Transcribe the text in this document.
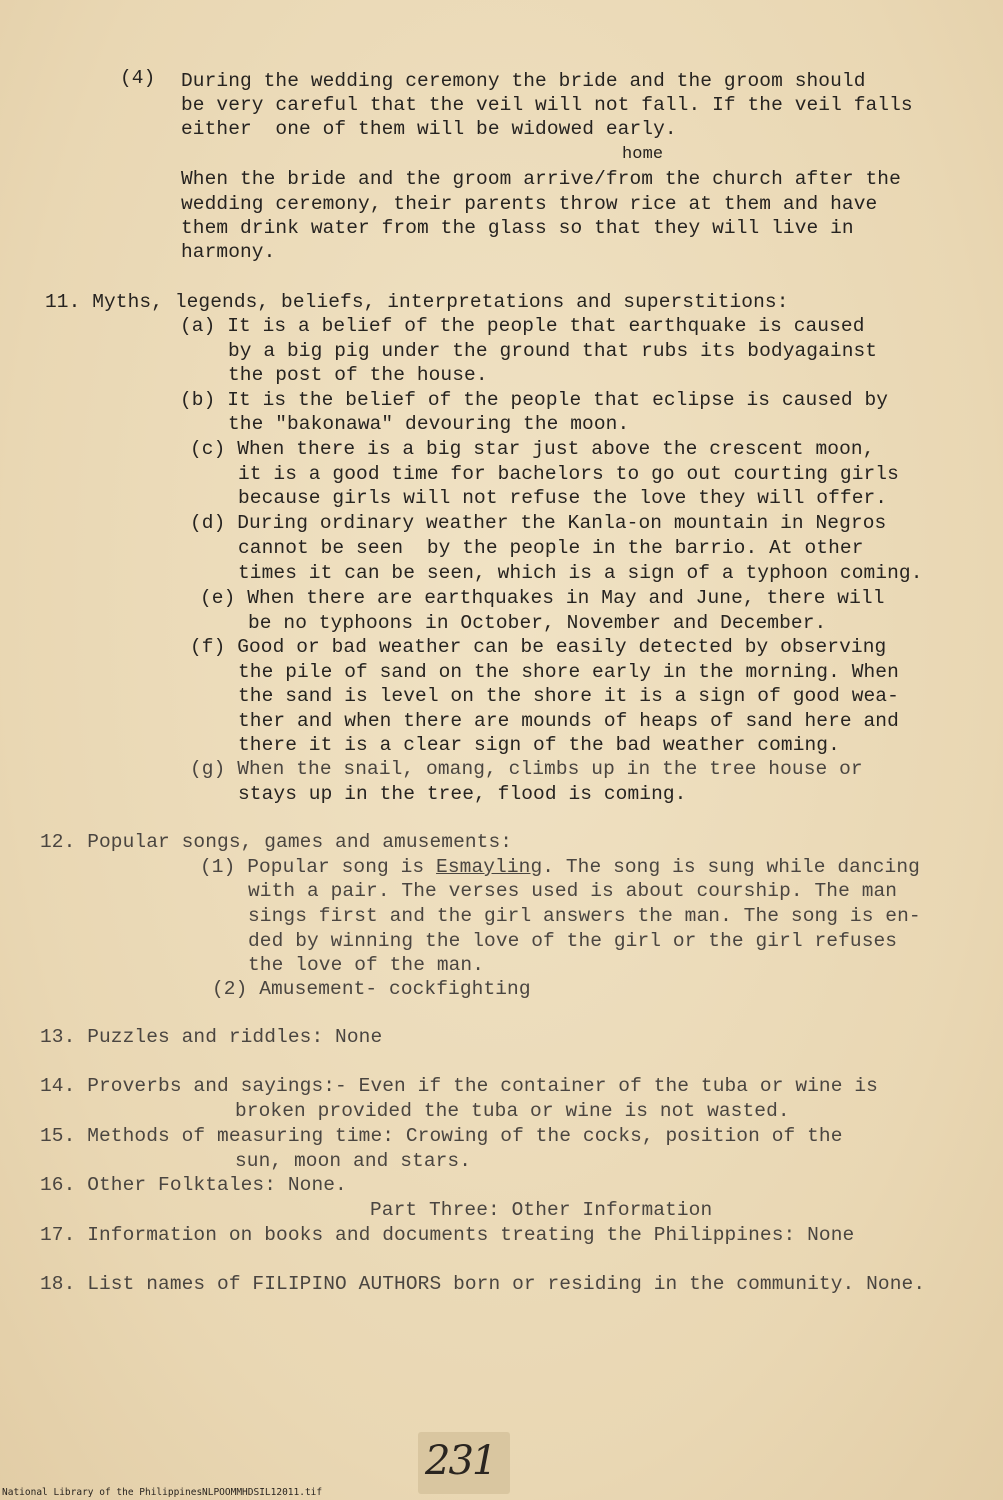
(4) During the wedding ceremony the bride and the groom should
be very careful that the veil will not fall. If the veil falls
either  one of them will be widowed early.
home
When the bride and the groom arrive/from the church after the
wedding ceremony, their parents throw rice at them and have
them drink water from the glass so that they will live in
harmony.
11. Myths, legends, beliefs, interpretations and superstitions:
(a) It is a belief of the people that earthquake is caused
by a big pig under the ground that rubs its bodyagainst
the post of the house.
(b) It is the belief of the people that eclipse is caused by
the "bakonawa" devouring the moon.
(c) When there is a big star just above the crescent moon,
it is a good time for bachelors to go out courting girls
because girls will not refuse the love they will offer.
(d) During ordinary weather the Kanla-on mountain in Negros
cannot be seen  by the people in the barrio. At other
times it can be seen, which is a sign of a typhoon coming.
(e) When there are earthquakes in May and June, there will
be no typhoons in October, November and December.
(f) Good or bad weather can be easily detected by observing
the pile of sand on the shore early in the morning. When
the sand is level on the shore it is a sign of good wea-
ther and when there are mounds of heaps of sand here and
there it is a clear sign of the bad weather coming.
(g) When the snail, omang, climbs up in the tree house or
stays up in the tree, flood is coming.
12. Popular songs, games and amusements:
(1) Popular song is Esmayling. The song is sung while dancing
with a pair. The verses used is about courship. The man
sings first and the girl answers the man. The song is en-
ded by winning the love of the girl or the girl refuses
the love of the man.
(2) Amusement- cockfighting
13. Puzzles and riddles: None
14. Proverbs and sayings:- Even if the container of the tuba or wine is
broken provided the tuba or wine is not wasted.
15. Methods of measuring time: Crowing of the cocks, position of the
sun, moon and stars.
16. Other Folktales: None.
Part Three: Other Information
17. Information on books and documents treating the Philippines: None
18. List names of FILIPINO AUTHORS born or residing in the community. None.
231
National Library of the Philippines NLPOOMMHDSIL12011.tif
